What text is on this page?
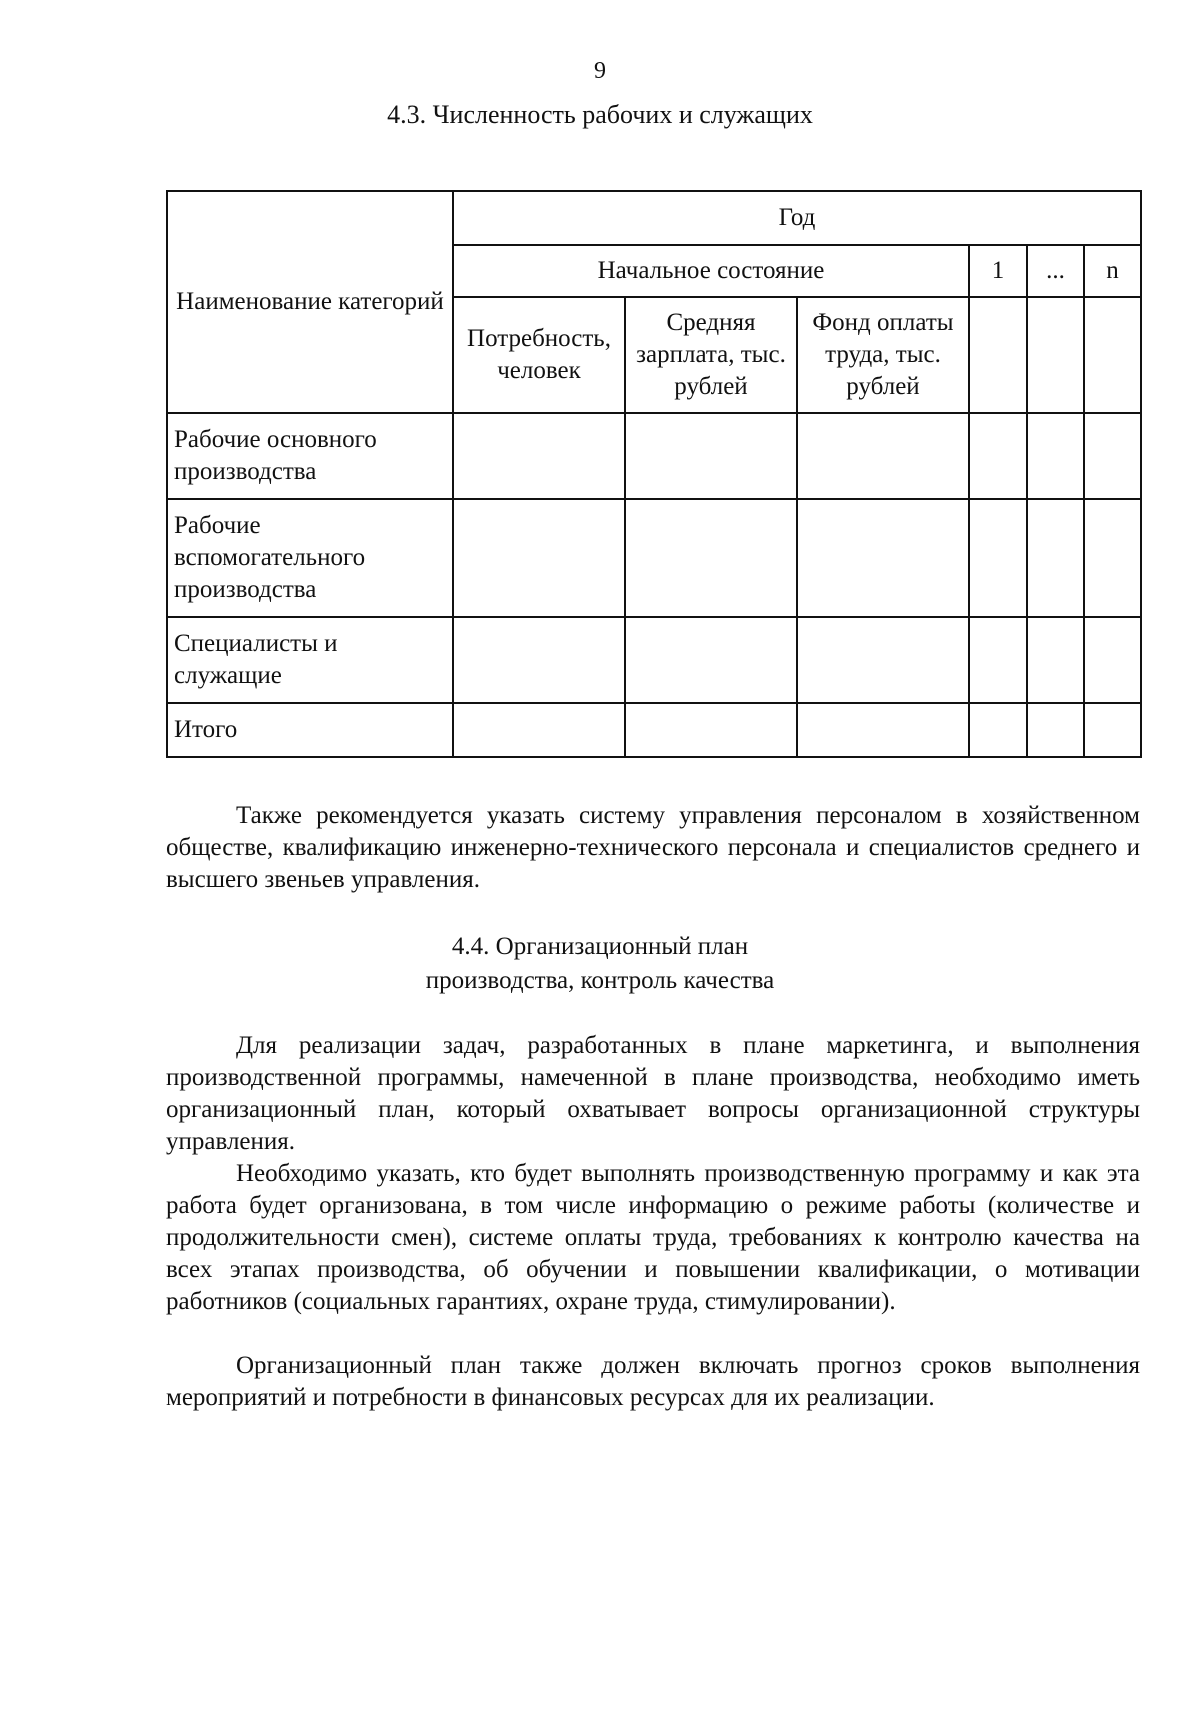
9
4.3. Численность рабочих и служащих
Наименование категорий	Год					
	Начальное состояние			1	...	n
	Потребность, человек	Средняя зарплата, тыс. рублей	Фонд оплаты труда, тыс. рублей			
Рабочие основного производства						
Рабочие вспомогательного производства						
Специалисты и служащие						
Итого						

Также рекомендуется указать систему управления персоналом в хозяйственном обществе, квалификацию инженерно-технического персонала и специалистов среднего и высшего звеньев управления.

4.4. Организационный план
производства, контроль качества

Для реализации задач, разработанных в плане маркетинга, и выполнения производственной программы, намеченной в плане производства, необходимо иметь организационный план, который охватывает вопросы организационной структуры управления.

Необходимо указать, кто будет выполнять производственную программу и как эта работа будет организована, в том числе информацию о режиме работы (количестве и продолжительности смен), системе оплаты труда, требованиях к контролю качества на всех этапах производства, об обучении и повышении квалификации, о мотивации работников (социальных гарантиях, охране труда, стимулировании).

Организационный план также должен включать прогноз сроков выполнения мероприятий и потребности в финансовых ресурсах для их реализации.
